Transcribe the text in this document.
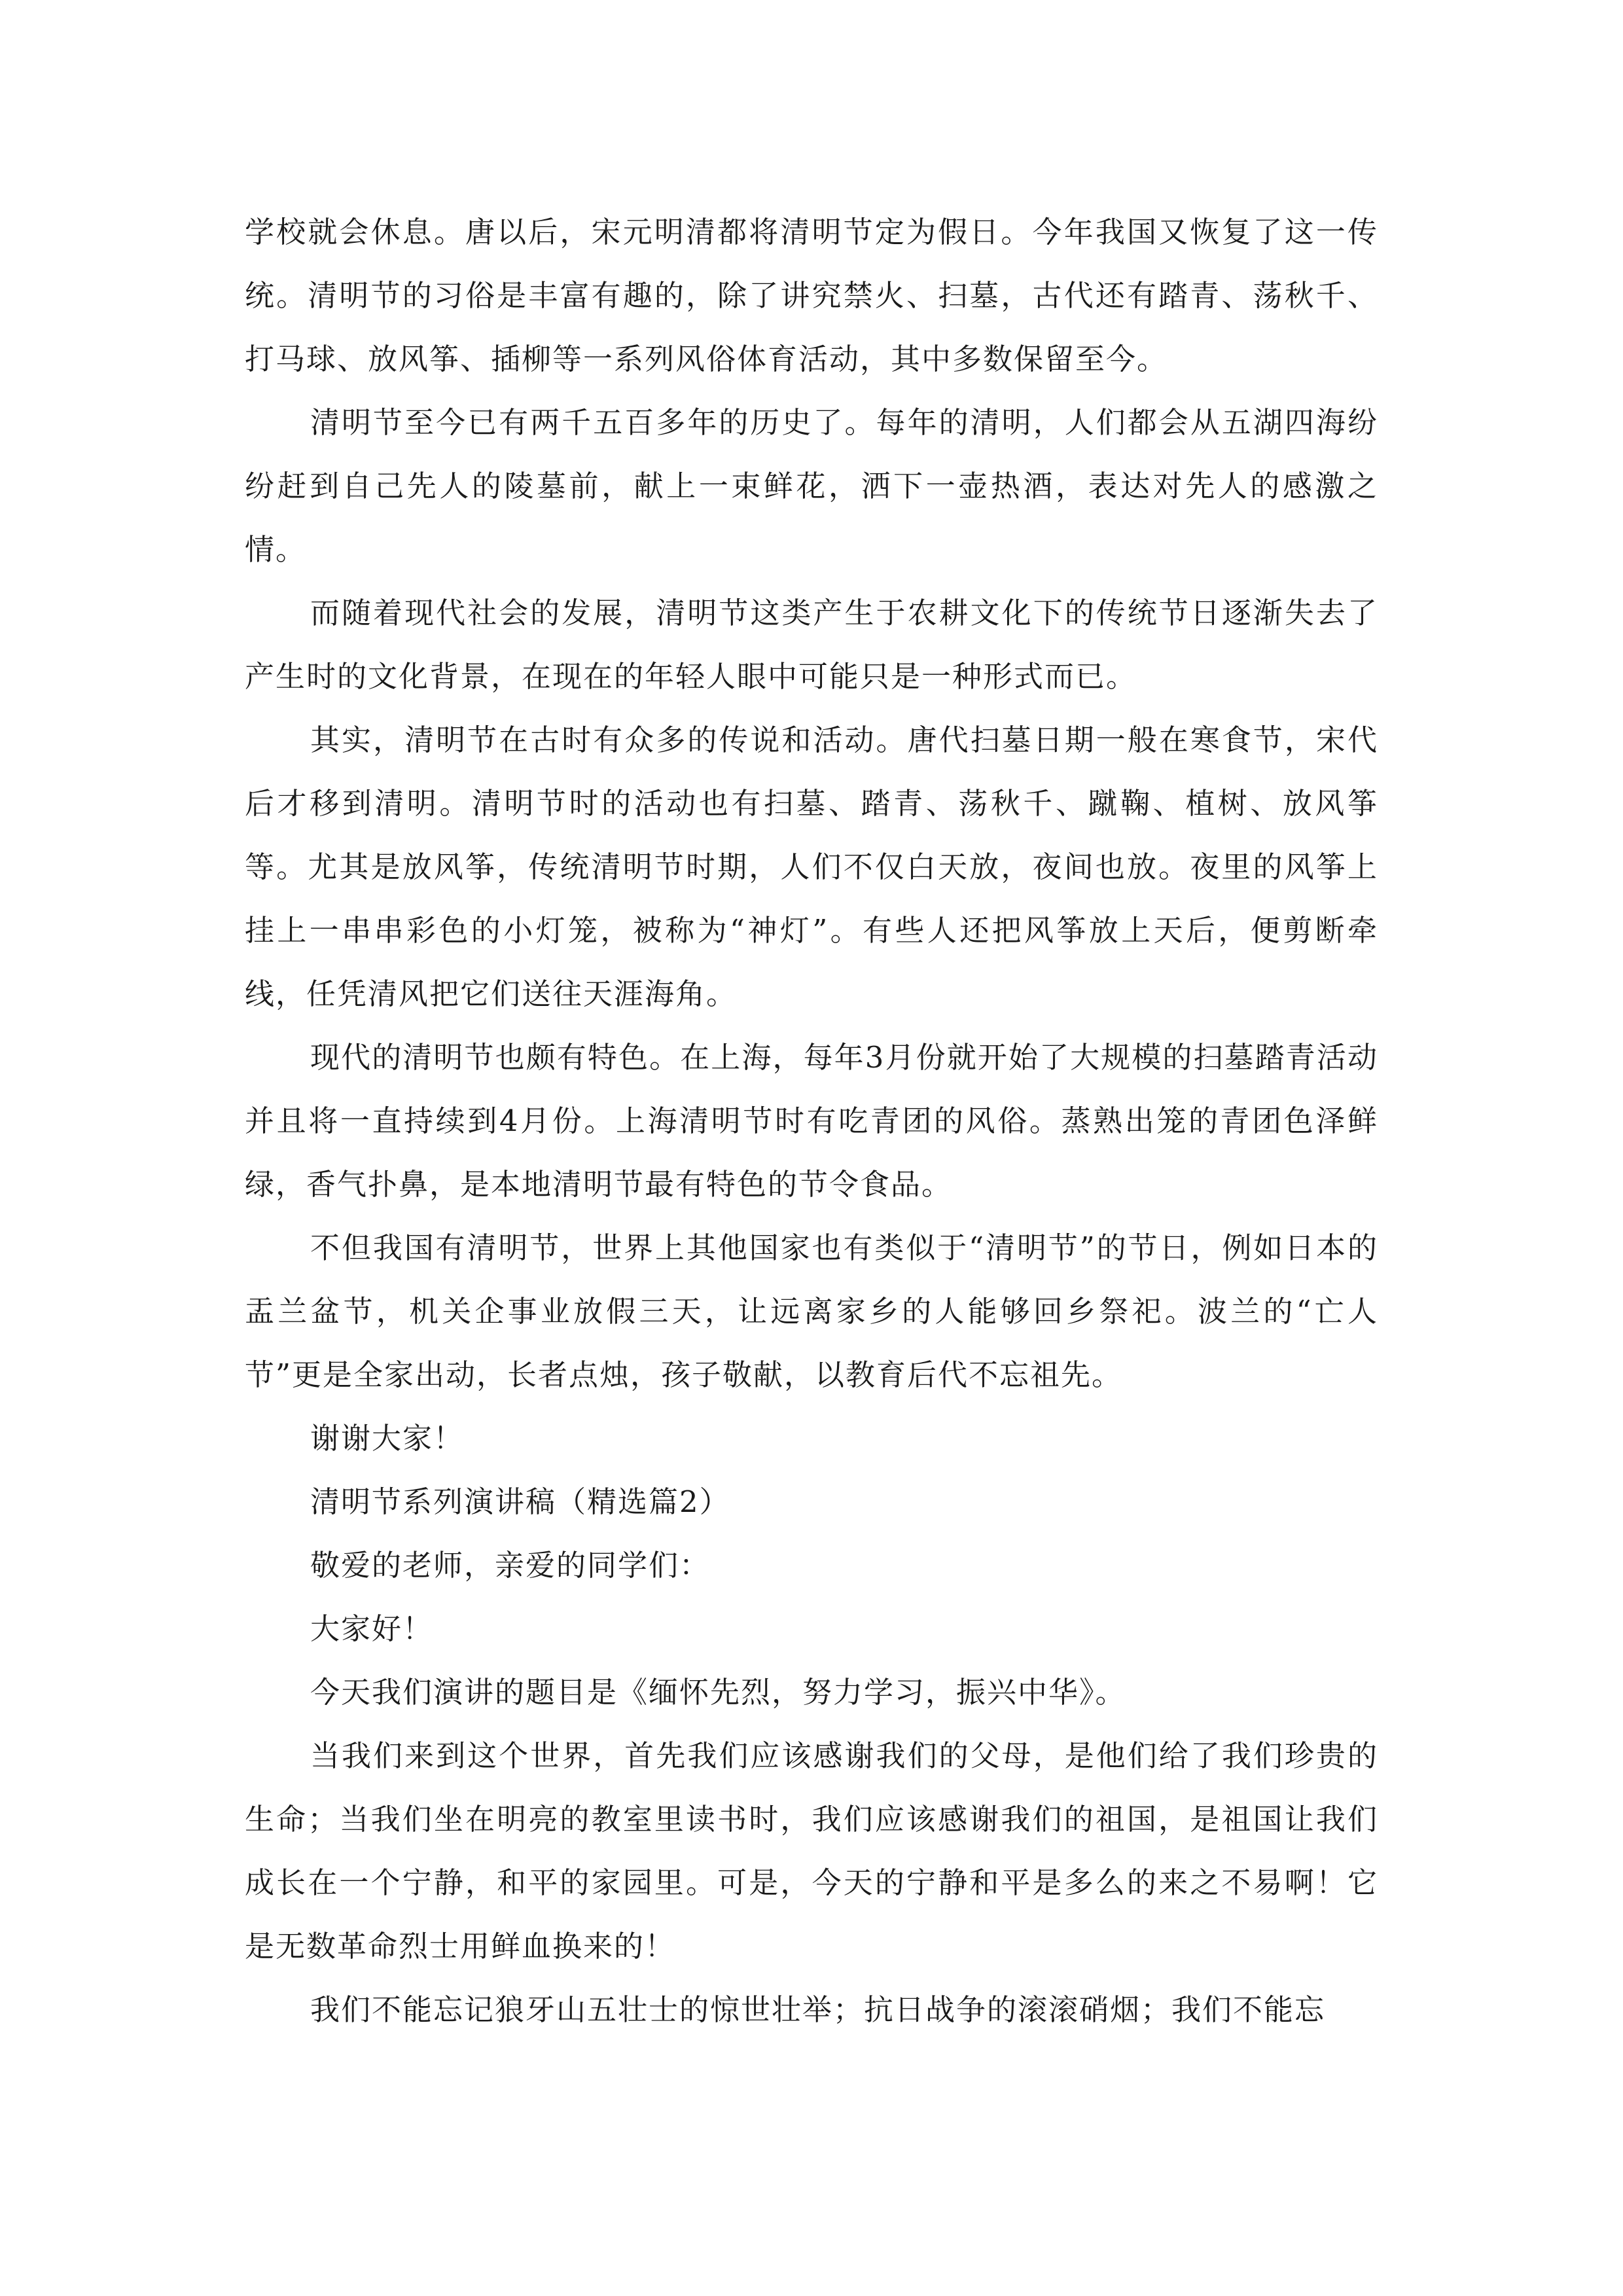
学校就会休息。唐以后，宋元明清都将清明节定为假日。今年我国又恢复了这一传统。清明节的习俗是丰富有趣的，除了讲究禁火、扫墓，古代还有踏青、荡秋千、打马球、放风筝、插柳等一系列风俗体育活动，其中多数保留至今。

清明节至今已有两千五百多年的历史了。每年的清明，人们都会从五湖四海纷纷赶到自己先人的陵墓前，献上一束鲜花，洒下一壶热酒，表达对先人的感激之情。

而随着现代社会的发展，清明节这类产生于农耕文化下的传统节日逐渐失去了产生时的文化背景，在现在的年轻人眼中可能只是一种形式而已。

其实，清明节在古时有众多的传说和活动。唐代扫墓日期一般在寒食节，宋代后才移到清明。清明节时的活动也有扫墓、踏青、荡秋千、蹴鞠、植树、放风筝等。尤其是放风筝，传统清明节时期，人们不仅白天放，夜间也放。夜里的风筝上挂上一串串彩色的小灯笼，被称为“神灯”。有些人还把风筝放上天后，便剪断牵线，任凭清风把它们送往天涯海角。

现代的清明节也颇有特色。在上海，每年3月份就开始了大规模的扫墓踏青活动并且将一直持续到4月份。上海清明节时有吃青团的风俗。蒸熟出笼的青团色泽鲜绿，香气扑鼻，是本地清明节最有特色的节令食品。

不但我国有清明节，世界上其他国家也有类似于“清明节”的节日，例如日本的盂兰盆节，机关企事业放假三天，让远离家乡的人能够回乡祭祀。波兰的“亡人节”更是全家出动，长者点烛，孩子敬献，以教育后代不忘祖先。

谢谢大家！

清明节系列演讲稿（精选篇2）

敬爱的老师，亲爱的同学们：

大家好！

今天我们演讲的题目是《缅怀先烈，努力学习，振兴中华》。

当我们来到这个世界，首先我们应该感谢我们的父母，是他们给了我们珍贵的生命；当我们坐在明亮的教室里读书时，我们应该感谢我们的祖国，是祖国让我们成长在一个宁静，和平的家园里。可是，今天的宁静和平是多么的来之不易啊！它是无数革命烈士用鲜血换来的！

我们不能忘记狼牙山五壮士的惊世壮举；抗日战争的滚滚硝烟；我们不能忘
